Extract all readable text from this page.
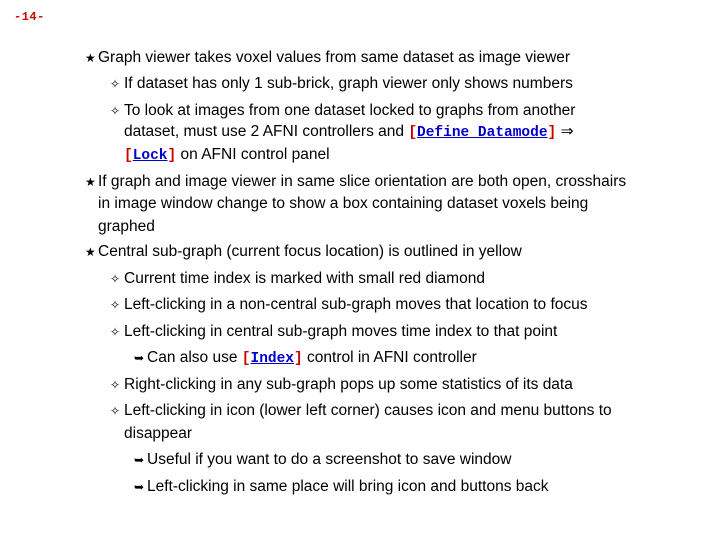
-14-
★ Graph viewer takes voxel values from same dataset as image viewer
✧ If dataset has only 1 sub-brick, graph viewer only shows numbers
✧ To look at images from one dataset locked to graphs from another
dataset, must use 2 AFNI controllers and [Define Datamode] ⇒
[Lock] on AFNI control panel
★ If graph and image viewer in same slice orientation are both open, crosshairs
in image window change to show a box containing dataset voxels being
graphed
★ Central sub-graph (current focus location) is outlined in yellow
✧ Current time index is marked with small red diamond
✧ Left-clicking in a non-central sub-graph moves that location to focus
✧ Left-clicking in central sub-graph moves time index to that point
➥ Can also use [Index] control in AFNI controller
✧ Right-clicking in any sub-graph pops up some statistics of its data
✧ Left-clicking in icon (lower left corner) causes icon and menu buttons to
disappear
➥ Useful if you want to do a screenshot to save window
➥ Left-clicking in same place will bring icon and buttons back
